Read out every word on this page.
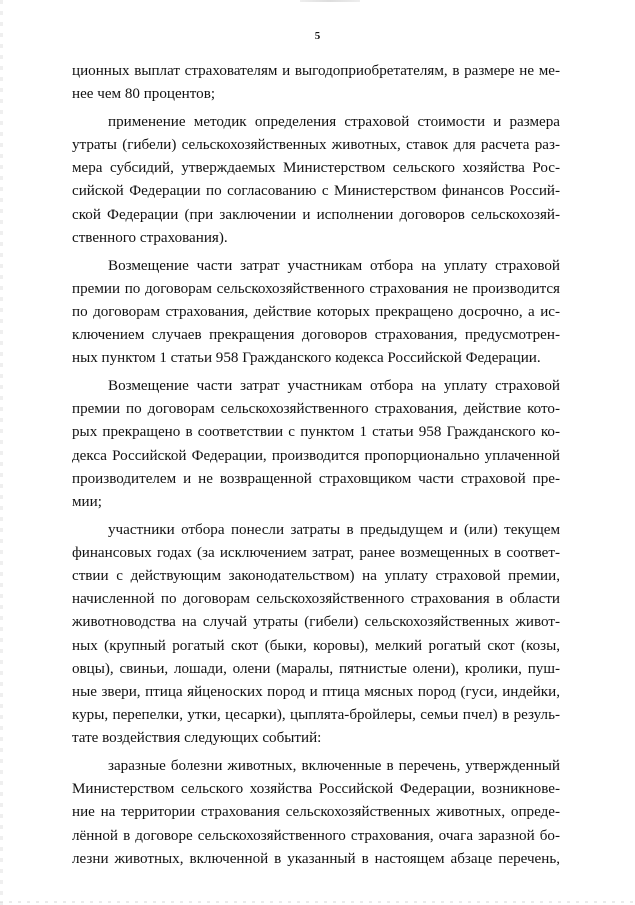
5
ционных выплат страхователям и выгодоприобретателям, в размере не ме-
нее чем 80 процентов;
применение методик определения страховой стоимости и размера
утраты (гибели) сельскохозяйственных животных, ставок для расчета раз-
мера субсидий, утверждаемых Министерством сельского хозяйства Рос-
сийской Федерации по согласованию с Министерством финансов Россий-
ской Федерации (при заключении и исполнении договоров сельскохозяй-
ственного страхования).
Возмещение части затрат участникам отбора на уплату страховой
премии по договорам сельскохозяйственного страхования не производится
по договорам страхования, действие которых прекращено досрочно, а ис-
ключением случаев прекращения договоров страхования, предусмотрен-
ных пунктом 1 статьи 958 Гражданского кодекса Российской Федерации.
Возмещение части затрат участникам отбора на уплату страховой
премии по договорам сельскохозяйственного страхования, действие кото-
рых прекращено в соответствии с пунктом 1 статьи 958 Гражданского ко-
декса Российской Федерации, производится пропорционально уплаченной
производителем и не возвращенной страховщиком части страховой пре-
мии;
участники отбора понесли затраты в предыдущем и (или) текущем
финансовых годах (за исключением затрат, ранее возмещенных в соответ-
ствии с действующим законодательством) на уплату страховой премии,
начисленной по договорам сельскохозяйственного страхования в области
животноводства на случай утраты (гибели) сельскохозяйственных живот-
ных (крупный рогатый скот (быки, коровы), мелкий рогатый скот (козы,
овцы), свиньи, лошади, олени (маралы, пятнистые олени), кролики, пуш-
ные звери, птица яйценоских пород и птица мясных пород (гуси, индейки,
куры, перепелки, утки, цесарки), цыплята-бройлеры, семьи пчел) в резуль-
тате воздействия следующих событий:
заразные болезни животных, включенные в перечень, утвержденный
Министерством сельского хозяйства Российской Федерации, возникнове-
ние на территории страхования сельскохозяйственных животных, опреде-
лённой в договоре сельскохозяйственного страхования, очага заразной бо-
лезни животных, включенной в указанный в настоящем абзаце перечень,
